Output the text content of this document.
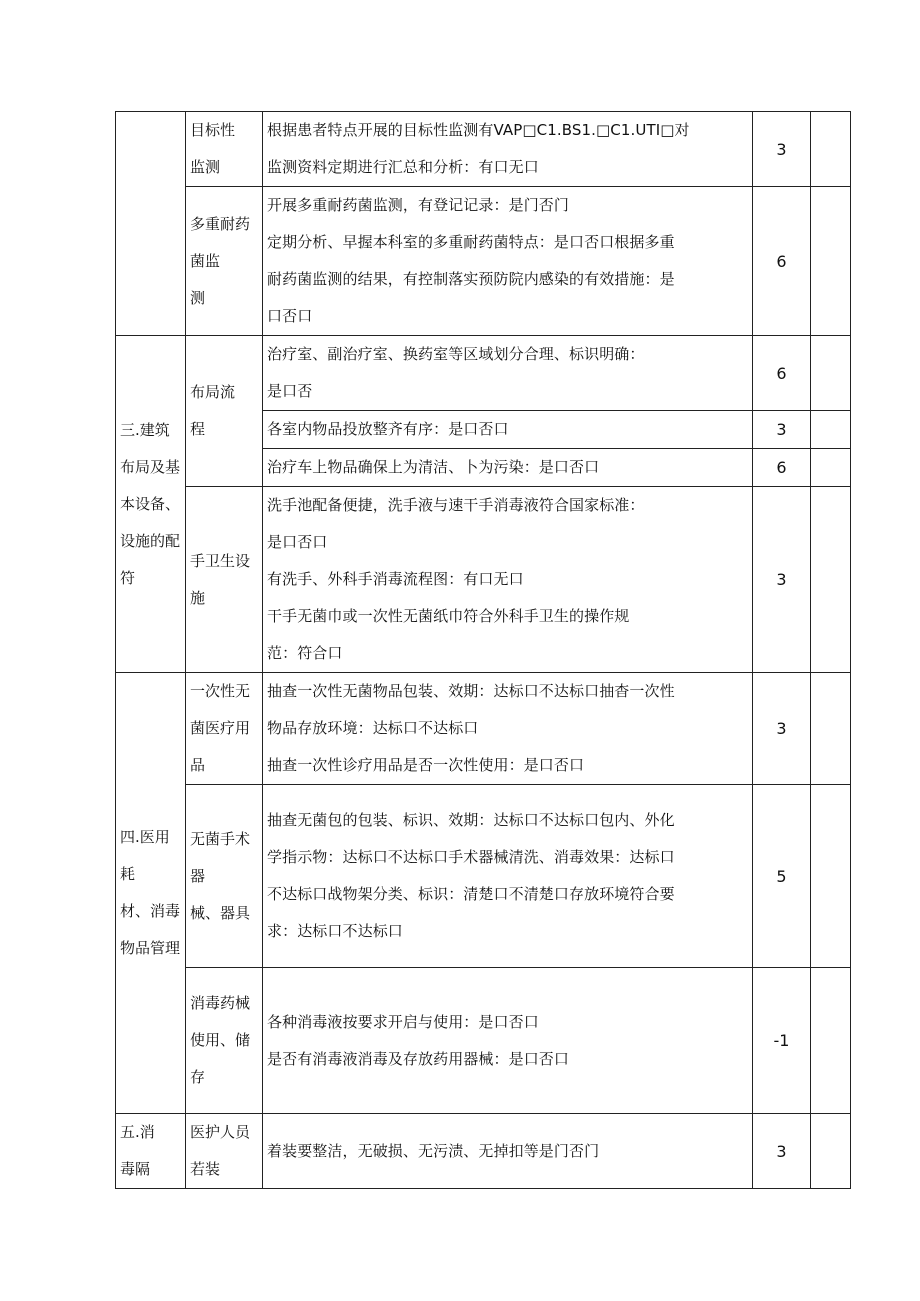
	目标性
监测	根据患者特点开展的目标性监测有VAP□C1.BS1.□C1.UTI□对
监测资料定期进行汇总和分析：有口无口	3	

	多重耐药
菌监
测	开展多重耐药菌监测，有登记记录：是门否门
定期分析、早握本科室的多重耐药菌特点：是口否口根据多重
耐药菌监测的结果，有控制落实预防院内感染的有效措施：是
口否口	6	

三.建筑
布局及基
本设备、
设施的配
符	布局流
程	治疗室、副治疗室、换药室等区域划分合理、标识明确：
是口否	6	

		各室内物品投放整齐有序：是口否口	3	

		治疗车上物品确保上为清洁、卜为污染：是口否口	6	

	手卫生设
施	洗手池配备便捷，洗手液与速干手消毒液符合国家标准：
是口否口
有洗手、外科手消毒流程图：有口无口
干手无菌巾或一次性无菌纸巾符合外科手卫生的操作规
范：符合口	3	

四.医用
耗
材、消毒
物品管理	一次性无
菌医疗用
品	抽查一次性无菌物品包装、效期：达标口不达标口抽杳一次性
物品存放环境：达标口不达标口
抽查一次性诊疗用品是否一次性使用：是口否口	3	

	无菌手术
器
械、器具	抽查无菌包的包装、标识、效期：达标口不达标口包内、外化
学指示物：达标口不达标口手术器械清洗、消毒效果：达标口
不达标口战物架分类、标识：清楚口不清楚口存放环境符合要
求：达标口不达标口	5	

	消毒药械
使用、储
存	各种消毒液按要求开启与使用：是口否口
是否有消毒液消毒及存放药用器械：是口否口	-1	

五.消
毒隔	医护人员
若装	着装要整洁，无破损、无污渍、无掉扣等是门否门	3	
